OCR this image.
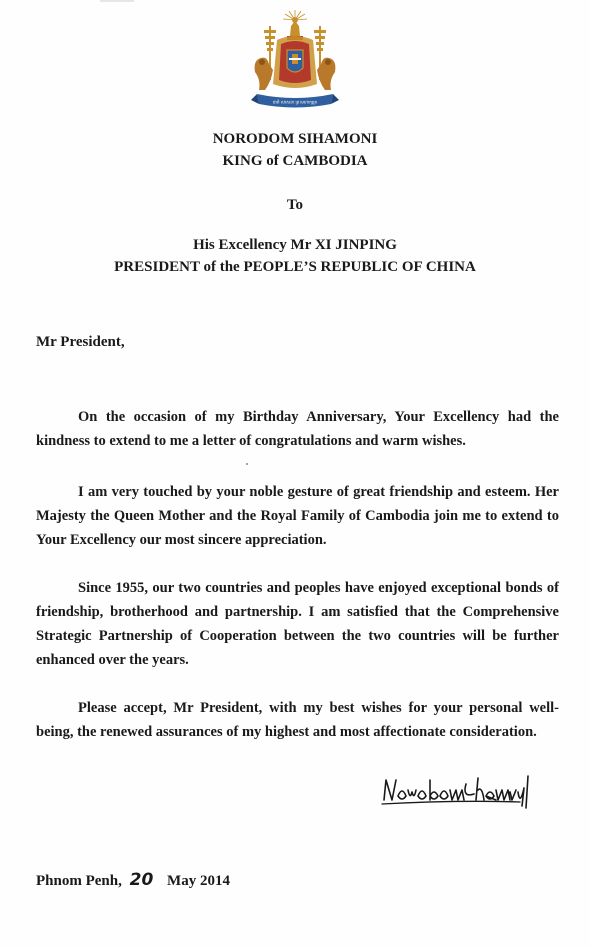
ជាតិ សាសនា ព្រះមហាក្សត្រ
NORODOM SIHAMONI
KING of CAMBODIA
To
His Excellency Mr XI JINPING
PRESIDENT of the PEOPLE’S REPUBLIC OF CHINA
Mr President,

On the occasion of my Birthday Anniversary, Your Excellency had the kindness to extend to me a letter of congratulations and warm wishes.

I am very touched by your noble gesture of great friendship and esteem. Her Majesty the Queen Mother and the Royal Family of Cambodia join me to extend to Your Excellency our most sincere appreciation.

Since 1955, our two countries and peoples have enjoyed exceptional bonds of friendship, brotherhood and partnership. I am satisfied that the Comprehensive Strategic Partnership of Cooperation between the two countries will be further enhanced over the years.

Please accept, Mr President, with my best wishes for your personal well-being, the renewed assurances of my highest and most affectionate consideration.

Phnom Penh, 20 May 2014
